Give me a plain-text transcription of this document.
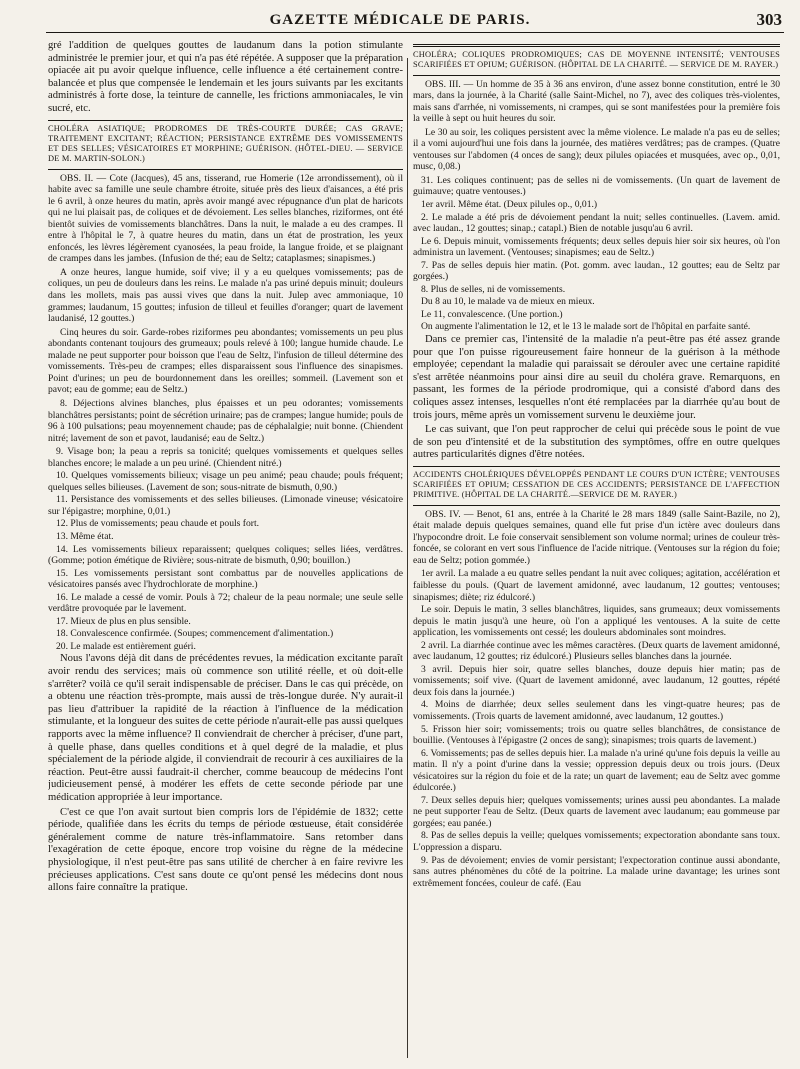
GAZETTE MÉDICALE DE PARIS.	303

gré l'addition de quelques gouttes de laudanum dans la potion stimulante administrée le premier jour, et qui n'a pas été répétée. A supposer que la préparation opiacée ait pu avoir quelque influence, celle influence a été certainement contre-balancée et plus que compensée le lendemain et les jours suivants par les excitants administrés à forte dose, la teinture de cannelle, les frictions ammoniacales, le vin sucré, etc.

CHOLÉRA ASIATIQUE; PRODROMES DE TRÈS-COURTE DURÉE; CAS GRAVE; TRAITEMENT EXCITANT; RÉACTION; PERSISTANCE EXTRÊME DES VOMISSEMENTS ET DES SELLES; VÉSICATOIRES ET MORPHINE; GUÉRISON. (HÔTEL-DIEU. — SERVICE DE M. MARTIN-SOLON.)

OBS. II. — Cote (Jacques), 45 ans, tisserand, rue Homerie (12e arrondissement), où il habite avec sa famille une seule chambre étroite, située près des lieux d'aisances, a été pris le 6 avril, à onze heures du matin, après avoir mangé avec répugnance d'un plat de haricots qui ne lui plaisait pas, de coliques et de dévoiement. Les selles blanches, riziformes, ont été bientôt suivies de vomissements blanchâtres. Dans la nuit, le malade a eu des crampes. Il entre à l'hôpital le 7, à quatre heures du matin, dans un état de prostration, les yeux enfoncés, les lèvres légèrement cyanosées, la peau froide, la langue froide, et se plaignant de crampes dans les jambes. (Infusion de thé; eau de Seltz; cataplasmes; sinapismes.)

A onze heures, langue humide, soif vive; il y a eu quelques vomissements; pas de coliques, un peu de douleurs dans les reins. Le malade n'a pas uriné depuis minuit; douleurs dans les mollets, mais pas aussi vives que dans la nuit. Julep avec ammoniaque, 10 grammes; laudanum, 15 gouttes; infusion de tilleul et feuilles d'oranger; quart de lavement laudanisé, 12 gouttes.)

Cinq heures du soir. Garde-robes riziformes peu abondantes; vomissements un peu plus abondants contenant toujours des grumeaux; pouls relevé à 100; langue humide chaude. Le malade ne peut supporter pour boisson que l'eau de Seltz, l'infusion de tilleul détermine des vomissements. Très-peu de crampes; elles disparaissent sous l'influence des sinapismes. Point d'urines; un peu de bourdonnement dans les oreilles; sommeil. (Lavement son et pavot; eau de gomme; eau de Seltz.)

8. Déjections alvines blanches, plus épaisses et un peu odorantes; vomissements blanchâtres persistants; point de sécrétion urinaire; pas de crampes; langue humide; pouls de 96 à 100 pulsations; peau moyennement chaude; pas de céphalalgie; nuit bonne. (Chiendent nitré; lavement de son et pavot, laudanisé; eau de Seltz.)

9. Visage bon; la peau a repris sa tonicité; quelques vomissements et quelques selles blanches encore; le malade a un peu uriné. (Chiendent nitré.)

10. Quelques vomissements bilieux; visage un peu animé; peau chaude; pouls fréquent; quelques selles bilieuses. (Lavement de son; sous-nitrate de bismuth, 0,90.)

11. Persistance des vomissements et des selles bilieuses. (Limonade vineuse; vésicatoire sur l'épigastre; morphine, 0,01.)

12. Plus de vomissements; peau chaude et pouls fort.

13. Même état.

14. Les vomissements bilieux reparaissent; quelques coliques; selles liées, verdâtres. (Gomme; potion émétique de Rivière; sous-nitrate de bismuth, 0,90; bouillon.)

15. Les vomissements persistant sont combattus par de nouvelles applications de vésicatoires pansés avec l'hydrochlorate de morphine.)

16. Le malade a cessé de vomir. Pouls à 72; chaleur de la peau normale; une seule selle verdâtre provoquée par le lavement.

17. Mieux de plus en plus sensible.

18. Convalescence confirmée. (Soupes; commencement d'alimentation.)

20. Le malade est entièrement guéri.

Nous l'avons déjà dit dans de précédentes revues, la médication excitante paraît avoir rendu des services; mais où commence son utilité réelle, et où doit-elle s'arrêter? voilà ce qu'il serait indispensable de préciser. Dans le cas qui précède, on a obtenu une réaction très-prompte, mais aussi de très-longue durée. N'y aurait-il pas lieu d'attribuer la rapidité de la réaction à l'influence de la médication stimulante, et la longueur des suites de cette période n'aurait-elle pas aussi quelques rapports avec la même influence? Il conviendrait de chercher à préciser, d'une part, à quelle phase, dans quelles conditions et à quel degré de la maladie, et plus spécialement de la période algide, il conviendrait de recourir à ces auxiliaires de la réaction. Peut-être aussi faudrait-il chercher, comme beaucoup de médecins l'ont judicieusement pensé, à modérer les effets de cette seconde période par une médication appropriée à leur importance.

C'est ce que l'on avait surtout bien compris lors de l'épidémie de 1832; cette période, qualifiée dans les écrits du temps de période œstueuse, était considérée généralement comme de nature très-inflammatoire. Sans retomber dans l'exagération de cette époque, encore trop voisine du règne de la médecine physiologique, il n'est peut-être pas sans utilité de chercher à en faire revivre les précieuses applications. C'est sans doute ce qu'ont pensé les médecins dont nous allons faire connaître la pratique.

CHOLÉRA; COLIQUES PRODROMIQUES; CAS DE MOYENNE INTENSITÉ; VENTOUSES SCARIFIÉES ET OPIUM; GUÉRISON. (HÔPITAL DE LA CHARITÉ. — SERVICE DE M. RAYER.)

OBS. III. — Un homme de 35 à 36 ans environ, d'une assez bonne constitution, entré le 30 mars, dans la journée, à la Charité (salle Saint-Michel, no 7), avec des coliques très-violentes, mais sans d'arrhée, ni vomissements, ni crampes, qui se sont manifestées pour la première fois la veille à sept ou huit heures du soir.

Le 30 au soir, les coliques persistent avec la même violence. Le malade n'a pas eu de selles; il a vomi aujourd'hui une fois dans la journée, des matières verdâtres; pas de crampes. (Quatre ventouses sur l'abdomen (4 onces de sang); deux pilules opiacées et musquées, avec op., 0,01, musc, 0,08.)

31. Les coliques continuent; pas de selles ni de vomissements. (Un quart de lavement de guimauve; quatre ventouses.)

1er avril. Même état. (Deux pilules op., 0,01.)

2. Le malade a été pris de dévoiement pendant la nuit; selles continuelles. (Lavem. amid. avec laudan., 12 gouttes; sinap.; catapl.) Bien de notable jusqu'au 6 avril.

Le 6. Depuis minuit, vomissements fréquents; deux selles depuis hier soir six heures, où l'on administra un lavement. (Ventouses; sinapismes; eau de Seltz.)

7. Pas de selles depuis hier matin. (Pot. gomm. avec laudan., 12 gouttes; eau de Seltz par gorgées.)

8. Plus de selles, ni de vomissements.

Du 8 au 10, le malade va de mieux en mieux.

Le 11, convalescence. (Une portion.)

On augmente l'alimentation le 12, et le 13 le malade sort de l'hôpital en parfaite santé.

Dans ce premier cas, l'intensité de la maladie n'a peut-être pas été assez grande pour que l'on puisse rigoureusement faire honneur de la guérison à la méthode employée; cependant la maladie qui paraissait se dérouler avec une certaine rapidité s'est arrêtée néanmoins pour ainsi dire au seuil du choléra grave. Remarquons, en passant, les formes de la période prodromique, qui a consisté d'abord dans des coliques assez intenses, lesquelles n'ont été remplacées par la diarrhée qu'au bout de trois jours, même après un vomissement survenu le deuxième jour.

Le cas suivant, que l'on peut rapprocher de celui qui précède sous le point de vue de son peu d'intensité et de la substitution des symptômes, offre en outre quelques autres particularités dignes d'être notées.

ACCIDENTS CHOLÉRIQUES DÉVELOPPÉS PENDANT LE COURS D'UN ICTÈRE; VENTOUSES SCARIFIÉES ET OPIUM; CESSATION DE CES ACCIDENTS; PERSISTANCE DE L'AFFECTION PRIMITIVE. (HÔPITAL DE LA CHARITÉ.—SERVICE DE M. RAYER.)

OBS. IV. — Benot, 61 ans, entrée à la Charité le 28 mars 1849 (salle Saint-Bazile, no 2), était malade depuis quelques semaines, quand elle fut prise d'un ictère avec douleurs dans l'hypocondre droit. Le foie conservait sensiblement son volume normal; urines de couleur très-foncée, se colorant en vert sous l'influence de l'acide nitrique. (Ventouses sur la région du foie; eau de Seltz; potion gommée.)

1er avril. La malade a eu quatre selles pendant la nuit avec coliques; agitation, accélération et faiblesse du pouls. (Quart de lavement amidonné, avec laudanum, 12 gouttes; ventouses; sinapismes; diète; riz édulcoré.)

Le soir. Depuis le matin, 3 selles blanchâtres, liquides, sans grumeaux; deux vomissements depuis le matin jusqu'à une heure, où l'on a appliqué les ventouses. A la suite de cette application, les vomissements ont cessé; les douleurs abdominales sont moindres.

2 avril. La diarrhée continue avec les mêmes caractères. (Deux quarts de lavement amidonné, avec laudanum, 12 gouttes; riz édulcoré.) Plusieurs selles blanches dans la journée.

3 avril. Depuis hier soir, quatre selles blanches, douze depuis hier matin; pas de vomissements; soif vive. (Quart de lavement amidonné, avec laudanum, 12 gouttes, répété deux fois dans la journée.)

4. Moins de diarrhée; deux selles seulement dans les vingt-quatre heures; pas de vomissements. (Trois quarts de lavement amidonné, avec laudanum, 12 gouttes.)

5. Frisson hier soir; vomissements; trois ou quatre selles blanchâtres, de consistance de bouillie. (Ventouses à l'épigastre (2 onces de sang); sinapismes; trois quarts de lavement.)

6. Vomissements; pas de selles depuis hier. La malade n'a uriné qu'une fois depuis la veille au matin. Il n'y a point d'urine dans la vessie; oppression depuis deux ou trois jours. (Deux vésicatoires sur la région du foie et de la rate; un quart de lavement; eau de Seltz avec gomme édulcorée.)

7. Deux selles depuis hier; quelques vomissements; urines aussi peu abondantes. La malade ne peut supporter l'eau de Seltz. (Deux quarts de lavement avec laudanum; eau gommeuse par gorgées; eau panée.)

8. Pas de selles depuis la veille; quelques vomissements; expectoration abondante sans toux. L'oppression a disparu.

9. Pas de dévoiement; envies de vomir persistant; l'expectoration continue aussi abondante, sans autres phénomènes du côté de la poitrine. La malade urine davantage; les urines sont extrêmement foncées, couleur de café. (Eau
